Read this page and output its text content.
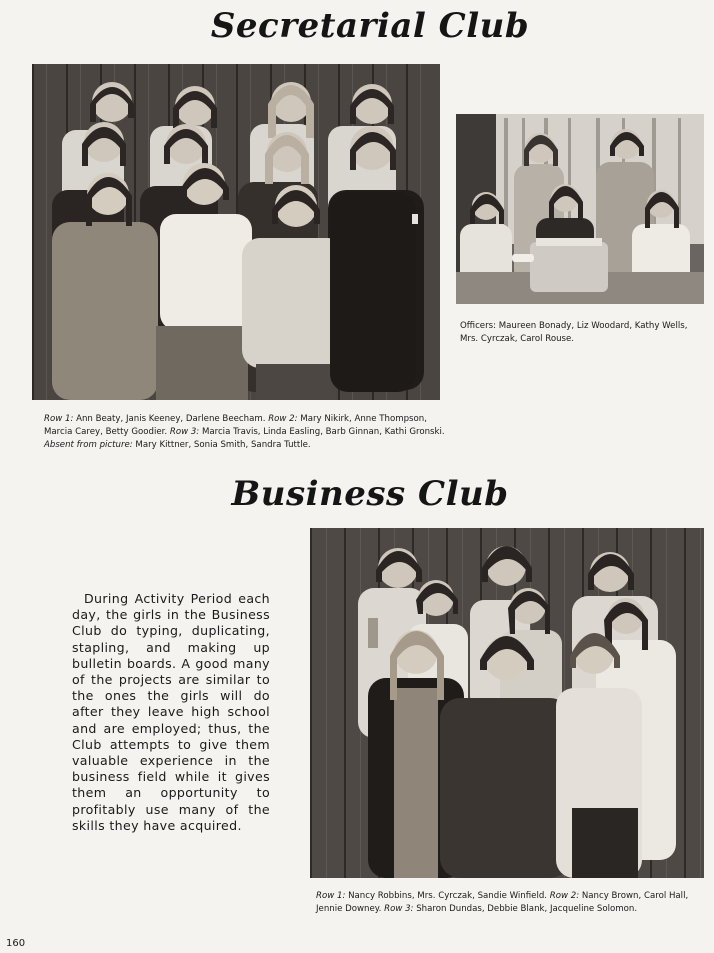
Secretarial Club

Officers: Maureen Bonady, Liz Woodard, Kathy Wells, Mrs. Cyrczak, Carol Rouse.

Row 1: Ann Beaty, Janis Keeney, Darlene Beecham. Row 2: Mary Nikirk, Anne Thompson, Marcia Carey, Betty Goodier. Row 3: Marcia Travis, Linda Easling, Barb Ginnan, Kathi Gronski. Absent from picture: Mary Kittner, Sonia Smith, Sandra Tuttle.

Business Club

During Activity Period each day, the girls in the Business Club do typing, duplicating, stapling, and making up bulletin boards. A good many of the projects are similar to the ones the girls will do after they leave high school and are employed; thus, the Club attempts to give them valuable experience in the business field while it gives them an opportunity to profitably use many of the skills they have acquired.

Row 1: Nancy Robbins, Mrs. Cyrczak, Sandie Winfield. Row 2: Nancy Brown, Carol Hall, Jennie Downey. Row 3: Sharon Dundas, Debbie Blank, Jacqueline Solomon.

160
